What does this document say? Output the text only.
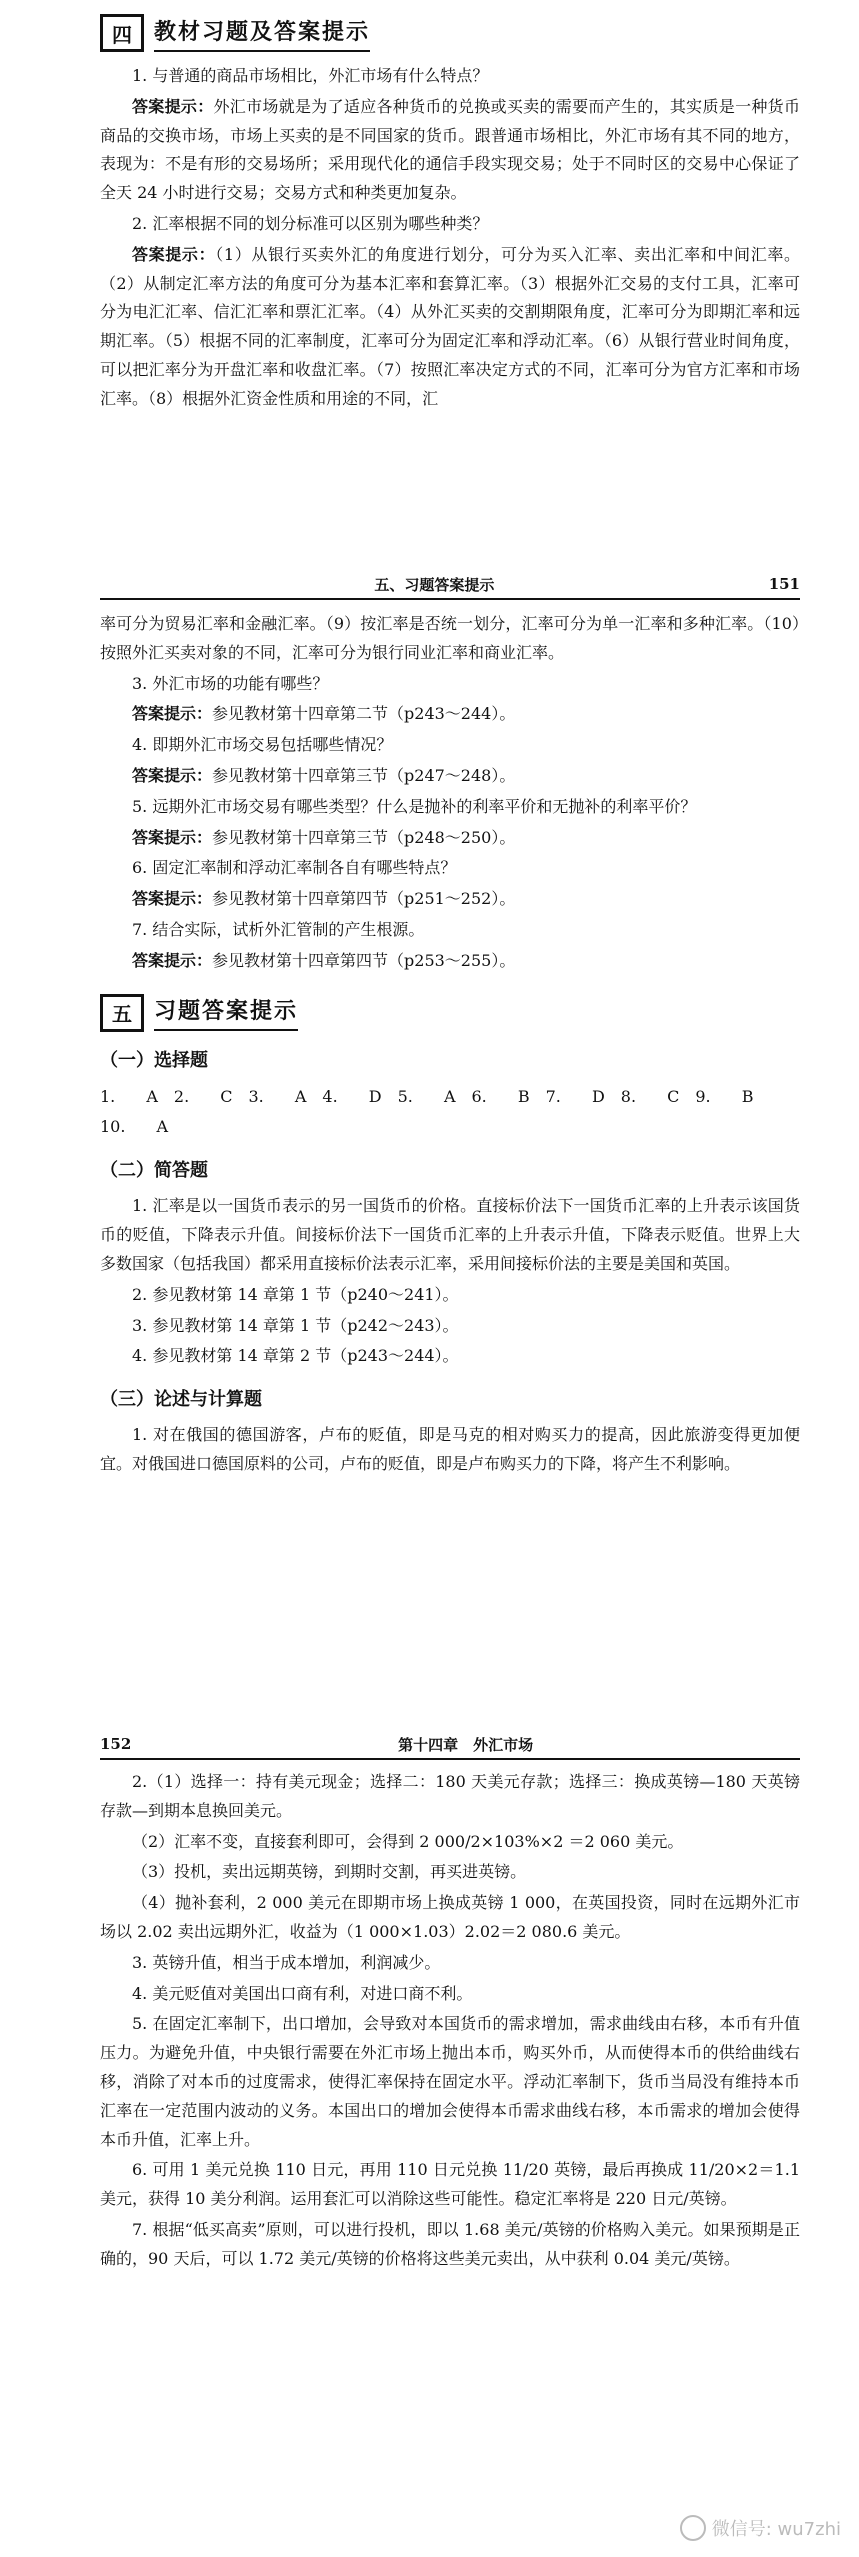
四	教材习题及答案提示
1. 与普通的商品市场相比，外汇市场有什么特点？
答案提示：外汇市场就是为了适应各种货币的兑换或买卖的需要而产生的，其实质是一种货币商品的交换市场，市场上买卖的是不同国家的货币。跟普通市场相比，外汇市场有其不同的地方，表现为：不是有形的交易场所；采用现代化的通信手段实现交易；处于不同时区的交易中心保证了全天 24 小时进行交易；交易方式和种类更加复杂。
2. 汇率根据不同的划分标准可以区别为哪些种类？
答案提示：（1）从银行买卖外汇的角度进行划分，可分为买入汇率、卖出汇率和中间汇率。（2）从制定汇率方法的角度可分为基本汇率和套算汇率。（3）根据外汇交易的支付工具，汇率可分为电汇汇率、信汇汇率和票汇汇率。（4）从外汇买卖的交割期限角度，汇率可分为即期汇率和远期汇率。（5）根据不同的汇率制度，汇率可分为固定汇率和浮动汇率。（6）从银行营业时间角度，可以把汇率分为开盘汇率和收盘汇率。（7）按照汇率决定方式的不同，汇率可分为官方汇率和市场汇率。（8）根据外汇资金性质和用途的不同，汇
五、习题答案提示	151
率可分为贸易汇率和金融汇率。（9）按汇率是否统一划分，汇率可分为单一汇率和多种汇率。（10）按照外汇买卖对象的不同，汇率可分为银行同业汇率和商业汇率。
3. 外汇市场的功能有哪些？
答案提示：参见教材第十四章第二节（p243～244）。
4. 即期外汇市场交易包括哪些情况？
答案提示：参见教材第十四章第三节（p247～248）。
5. 远期外汇市场交易有哪些类型？什么是抛补的利率平价和无抛补的利率平价？
答案提示：参见教材第十四章第三节（p248～250）。
6. 固定汇率制和浮动汇率制各自有哪些特点？
答案提示：参见教材第十四章第四节（p251～252）。
7. 结合实际，试析外汇管制的产生根源。
答案提示：参见教材第十四章第四节（p253～255）。
五	习题答案提示
（一）选择题
1. A　2. C　3. A　4. D　5. A　6. B　7. D　8. C　9. B
10. A
（二）简答题
1. 汇率是以一国货币表示的另一国货币的价格。直接标价法下一国货币汇率的上升表示该国货币的贬值，下降表示升值。间接标价法下一国货币汇率的上升表示升值，下降表示贬值。世界上大多数国家（包括我国）都采用直接标价法表示汇率，采用间接标价法的主要是美国和英国。
2. 参见教材第 14 章第 1 节（p240～241）。
3. 参见教材第 14 章第 1 节（p242～243）。
4. 参见教材第 14 章第 2 节（p243～244）。
（三）论述与计算题
1. 对在俄国的德国游客，卢布的贬值，即是马克的相对购买力的提高，因此旅游变得更加便宜。对俄国进口德国原料的公司，卢布的贬值，即是卢布购买力的下降，将产生不利影响。
152	第十四章　外汇市场
2.（1）选择一：持有美元现金；选择二：180 天美元存款；选择三：换成英镑—180 天英镑存款—到期本息换回美元。
（2）汇率不变，直接套利即可，会得到 2 000/2×103%×2 ＝2 060 美元。
（3）投机，卖出远期英镑，到期时交割，再买进英镑。
（4）抛补套利，2 000 美元在即期市场上换成英镑 1 000，在英国投资，同时在远期外汇市场以 2.02 卖出远期外汇，收益为（1 000×1.03）2.02＝2 080.6 美元。
3. 英镑升值，相当于成本增加，利润减少。
4. 美元贬值对美国出口商有利，对进口商不利。
5. 在固定汇率制下，出口增加，会导致对本国货币的需求增加，需求曲线由右移，本币有升值压力。为避免升值，中央银行需要在外汇市场上抛出本币，购买外币，从而使得本币的供给曲线右移，消除了对本币的过度需求，使得汇率保持在固定水平。浮动汇率制下，货币当局没有维持本币汇率在一定范围内波动的义务。本国出口的增加会使得本币需求曲线右移，本币需求的增加会使得本币升值，汇率上升。
6. 可用 1 美元兑换 110 日元，再用 110 日元兑换 11/20 英镑，最后再换成 11/20×2＝1.1 美元，获得 10 美分利润。运用套汇可以消除这些可能性。稳定汇率将是 220 日元/英镑。
7. 根据“低买高卖”原则，可以进行投机，即以 1.68 美元/英镑的价格购入美元。如果预期是正确的，90 天后，可以 1.72 美元/英镑的价格将这些美元卖出，从中获利 0.04 美元/英镑。
微信号: wu7zhi
